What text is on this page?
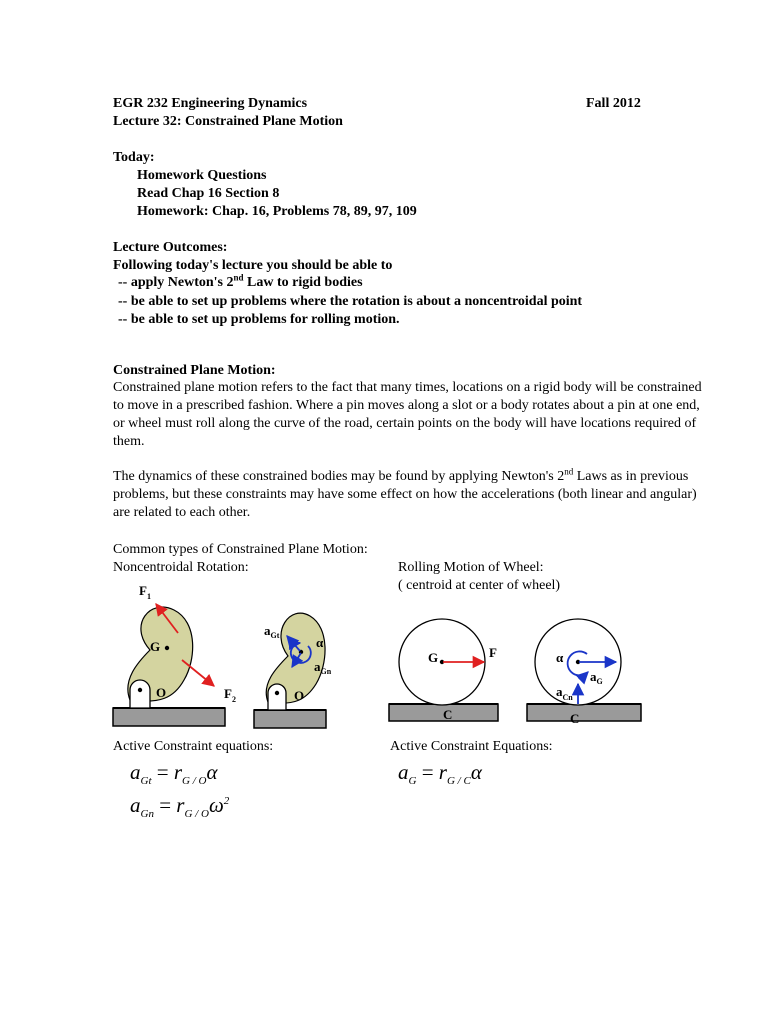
EGR 232 Engineering Dynamics	Fall 2012
Lecture 32: Constrained Plane Motion
Today:
Homework Questions
Read Chap 16 Section 8
Homework: Chap. 16, Problems 78, 89, 97, 109
Lecture Outcomes:
Following today's lecture you should be able to
-- apply Newton's 2nd Law to rigid bodies
-- be able to set up problems where the rotation is about a noncentroidal point
-- be able to set up problems for rolling motion.
Constrained Plane Motion:
Constrained plane motion refers to the fact that many times, locations on a rigid body will be constrained to move in a prescribed fashion. Where a pin moves along a slot or a body rotates about a pin at one end, or wheel must roll along the curve of the road, certain points on the body will have locations required of them.
The dynamics of these constrained bodies may be found by applying Newton's 2nd Laws as in previous problems, but these constraints may have some effect on how the accelerations (both linear and angular) are related to each other.
Common types of Constrained Plane Motion:
Noncentroidal Rotation:	Rolling Motion of Wheel:
( centroid at center of wheel)
$F_1$
G
O	$F_2$
$a_{Gt}$	α
$a_{Gn}$
O
G	F
C
α
$a_G$
$a_{Cn}$
C
Active Constraint equations:	Active Constraint Equations:
$a_{Gt} = r_{G / O}\alpha$
$a_{Gn} = r_{G / O}\omega^2$
$a_G = r_{G / C}\alpha$
